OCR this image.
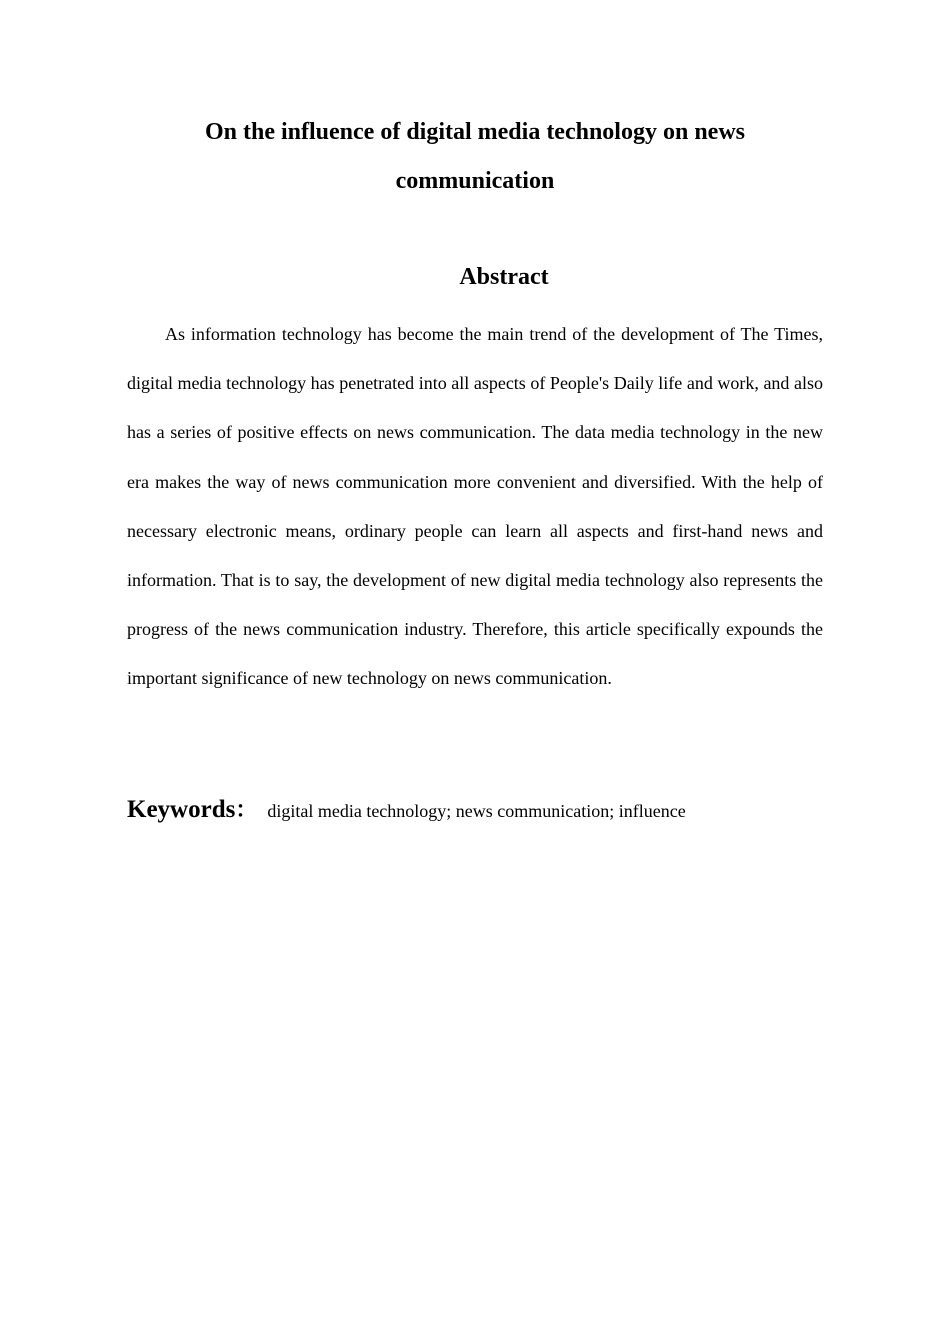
On the influence of digital media technology on news communication
Abstract

As information technology has become the main trend of the development of The Times, digital media technology has penetrated into all aspects of People's Daily life and work, and also has a series of positive effects on news communication. The data media technology in the new era makes the way of news communication more convenient and diversified. With the help of necessary electronic means, ordinary people can learn all aspects and first-hand news and information. That is to say, the development of new digital media technology also represents the progress of the news communication industry. Therefore, this article specifically expounds the important significance of new technology on news communication.

Keywords： digital media technology; news communication; influence
